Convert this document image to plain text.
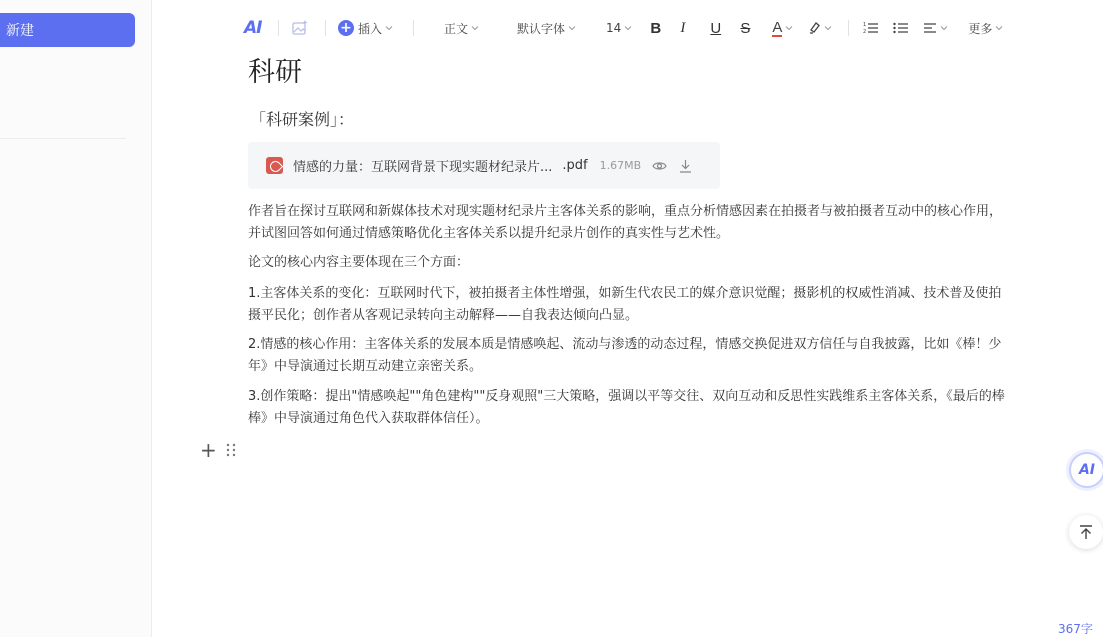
新建	AI	+ 插入	正文	默认字体	14 B	I	U	S	A	1
2	更多
科研
「科研案例」：
情感的力量：互联网背景下现实题材纪录片... .pdf 1.67MB
作者旨在探讨互联网和新媒体技术对现实题材纪录片主客体关系的影响，重点分析情感因素在拍摄者与被拍摄者互动中的核心作用，并试图回答如何通过情感策略优化主客体关系以提升纪录片创作的真实性与艺术性。
论文的核心内容主要体现在三个方面：
1.主客体关系的变化：互联网时代下，被拍摄者主体性增强，如新生代农民工的媒介意识觉醒；摄影机的权威性消减、技术普及使拍摄平民化；创作者从客观记录转向主动解释——自我表达倾向凸显。
2.情感的核心作用：主客体关系的发展本质是情感唤起、流动与渗透的动态过程，情感交换促进双方信任与自我披露，比如《棒！少年》中导演通过长期互动建立亲密关系。
3.创作策略：提出"情感唤起""角色建构""反身观照"三大策略，强调以平等交往、双向互动和反思性实践维系主客体关系，《最后的棒棒》中导演通过角色代入获取群体信任）。
+
AI
367字
